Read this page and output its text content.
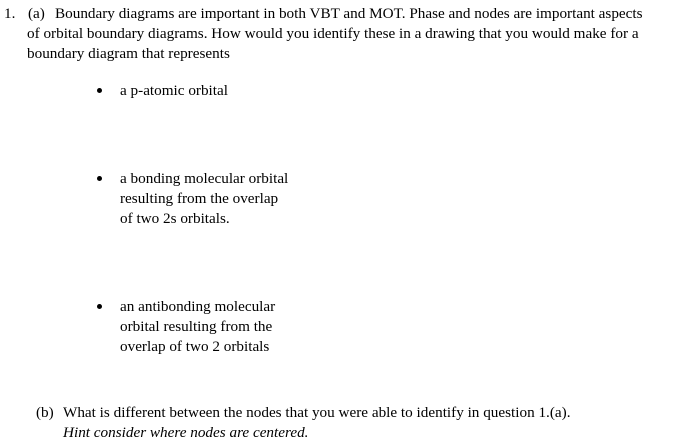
1. (a) Boundary diagrams are important in both VBT and MOT. Phase and nodes are important aspects
of orbital boundary diagrams. How would you identify these in a drawing that you would make for a
boundary diagram that represents
a p-atomic orbital
a bonding molecular orbital
resulting from the overlap
of two 2s orbitals.
an antibonding molecular
orbital resulting from the
overlap of two 2 orbitals
(b) What is different between the nodes that you were able to identify in question 1.(a).
Hint consider where nodes are centered.
